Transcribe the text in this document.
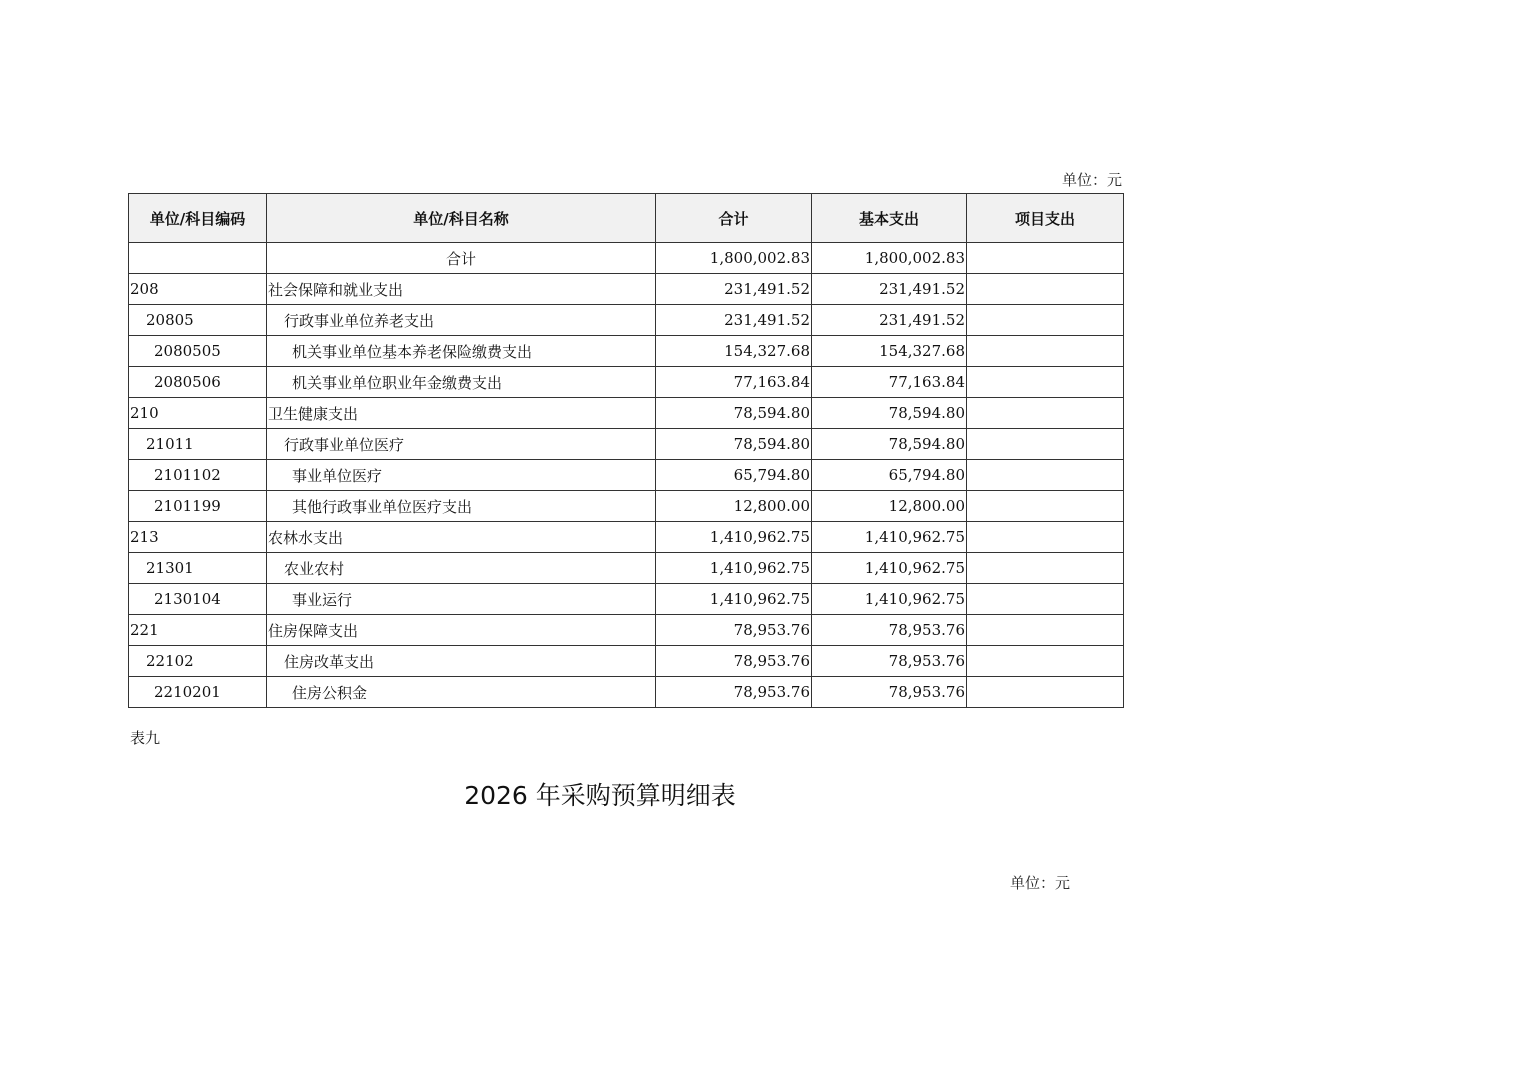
单位：元
单位/科目编码	单位/科目名称	合计	基本支出	项目支出
	合计	1,800,002.83	1,800,002.83	
208	社会保障和就业支出	231,491.52	231,491.52	
20805	行政事业单位养老支出	231,491.52	231,491.52	
2080505	机关事业单位基本养老保险缴费支出	154,327.68	154,327.68	
2080506	机关事业单位职业年金缴费支出	77,163.84	77,163.84	
210	卫生健康支出	78,594.80	78,594.80	
21011	行政事业单位医疗	78,594.80	78,594.80	
2101102	事业单位医疗	65,794.80	65,794.80	
2101199	其他行政事业单位医疗支出	12,800.00	12,800.00	
213	农林水支出	1,410,962.75	1,410,962.75	
21301	农业农村	1,410,962.75	1,410,962.75	
2130104	事业运行	1,410,962.75	1,410,962.75	
221	住房保障支出	78,953.76	78,953.76	
22102	住房改革支出	78,953.76	78,953.76	
2210201	住房公积金	78,953.76	78,953.76	
表九
2026 年采购预算明细表
单位：元
